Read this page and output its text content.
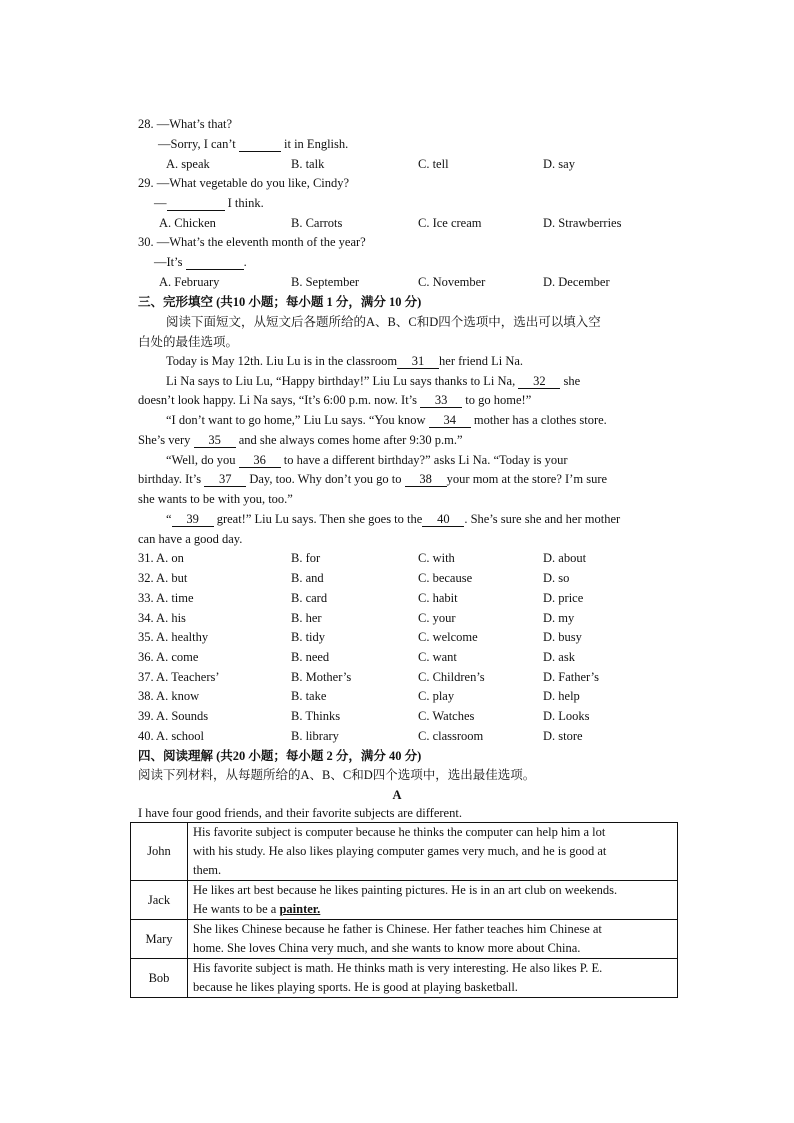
28. —What’s that?
—Sorry, I can’t	it in English.
A. speak	B. talk	C. tell	D. say
29. —What vegetable do you like, Cindy?
—	I think.
A. Chicken	B. Carrots	C. Ice cream	D. Strawberries
30. —What’s the eleventh month of the year?
—It’s	.
A. February	B. September	C. November	D. December
三、完形填空 (共10 小题；每小题 1 分，满分 10 分)
阅读下面短文，从短文后各题所给的A、B、C和D四个选项中，选出可以填入空
白处的最佳选项。
Today is May 12th. Liu Lu is in the classroom 31 her friend Li Na.
Li Na says to Liu Lu, “Happy birthday!” Liu Lu says thanks to Li Na, 32 she
doesn’t look happy. Li Na says, “It’s 6:00 p.m. now. It’s 33 to go home!”
“I don’t want to go home,” Liu Lu says. “You know 34 mother has a clothes store.
She’s very 35 and she always comes home after 9:30 p.m.”
“Well, do you 36 to have a different birthday?” asks Li Na. “Today is your
birthday. It’s 37 Day, too. Why don’t you go to 38 your mom at the store? I’m sure
she wants to be with you, too.”
“ 39 great!” Liu Lu says. Then she goes to the 40 . She’s sure she and her mother
can have a good day.
31. A. on	B. for	C. with	D. about
32. A. but	B. and	C. because	D. so
33. A. time	B. card	C. habit	D. price
34. A. his	B. her	C. your	D. my
35. A. healthy	B. tidy	C. welcome	D. busy
36. A. come	B. need	C. want	D. ask
37. A. Teachers’	B. Mother’s	C. Children’s	D. Father’s
38. A. know	B. take	C. play	D. help
39. A. Sounds	B. Thinks	C. Watches	D. Looks
40. A. school	B. library	C. classroom	D. store
四、阅读理解 (共20 小题；每小题 2 分，满分 40 分)
阅读下列材料，从每题所给的A、B、C和D四个选项中，选出最佳选项。
A
I have four good friends, and their favorite subjects are different.
John	His favorite subject is computer because he thinks the computer can help him a lot
with his study. He also likes playing computer games very much, and he is good at
them.

Jack	He likes art best because he likes painting pictures. He is in an art club on weekends.
He wants to be a painter.

Mary	She likes Chinese because he father is Chinese. Her father teaches him Chinese at
home. She loves China very much, and she wants to know more about China.

Bob	His favorite subject is math. He thinks math is very interesting. He also likes P. E.
because he likes playing sports. He is good at playing basketball.
